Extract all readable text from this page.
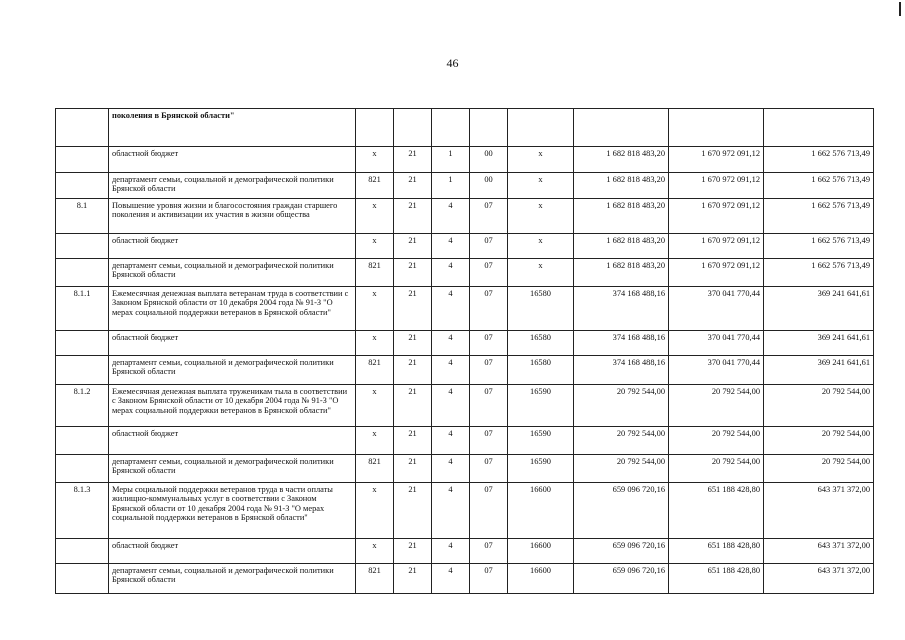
46
	поколения в Брянской области"								
	областной бюджет	x	21	1	00	x	1 682 818 483,20	1 670 972 091,12	1 662 576 713,49
	департамент семьи, социальной и демографической политики Брянской области	821	21	1	00	x	1 682 818 483,20	1 670 972 091,12	1 662 576 713,49
8.1	Повышение уровня жизни и благосостояния граждан старшего поколения и активизации их участия в жизни общества	x	21	4	07	x	1 682 818 483,20	1 670 972 091,12	1 662 576 713,49
	областной бюджет	x	21	4	07	x	1 682 818 483,20	1 670 972 091,12	1 662 576 713,49
	департамент семьи, социальной и демографической политики Брянской области	821	21	4	07	x	1 682 818 483,20	1 670 972 091,12	1 662 576 713,49
8.1.1	Ежемесячная денежная выплата ветеранам труда в соответствии с Законом Брянской области от 10 декабря 2004 года № 91-З "О мерах социальной поддержки ветеранов в Брянской области"	x	21	4	07	16580	374 168 488,16	370 041 770,44	369 241 641,61
	областной бюджет	x	21	4	07	16580	374 168 488,16	370 041 770,44	369 241 641,61
	департамент семьи, социальной и демографической политики Брянской области	821	21	4	07	16580	374 168 488,16	370 041 770,44	369 241 641,61
8.1.2	Ежемесячная денежная выплата труженикам тыла в соответствии с Законом Брянской области от 10 декабря 2004 года № 91-З "О мерах социальной поддержки ветеранов в Брянской области"	x	21	4	07	16590	20 792 544,00	20 792 544,00	20 792 544,00
	областной бюджет	x	21	4	07	16590	20 792 544,00	20 792 544,00	20 792 544,00
	департамент семьи, социальной и демографической политики Брянской области	821	21	4	07	16590	20 792 544,00	20 792 544,00	20 792 544,00
8.1.3	Меры социальной поддержки ветеранов труда в части оплаты жилищно-коммунальных услуг в соответствии с Законом Брянской области от 10 декабря 2004 года № 91-З "О мерах социальной поддержки ветеранов в Брянской области"	x	21	4	07	16600	659 096 720,16	651 188 428,80	643 371 372,00
	областной бюджет	x	21	4	07	16600	659 096 720,16	651 188 428,80	643 371 372,00
	департамент семьи, социальной и демографической политики Брянской области	821	21	4	07	16600	659 096 720,16	651 188 428,80	643 371 372,00
